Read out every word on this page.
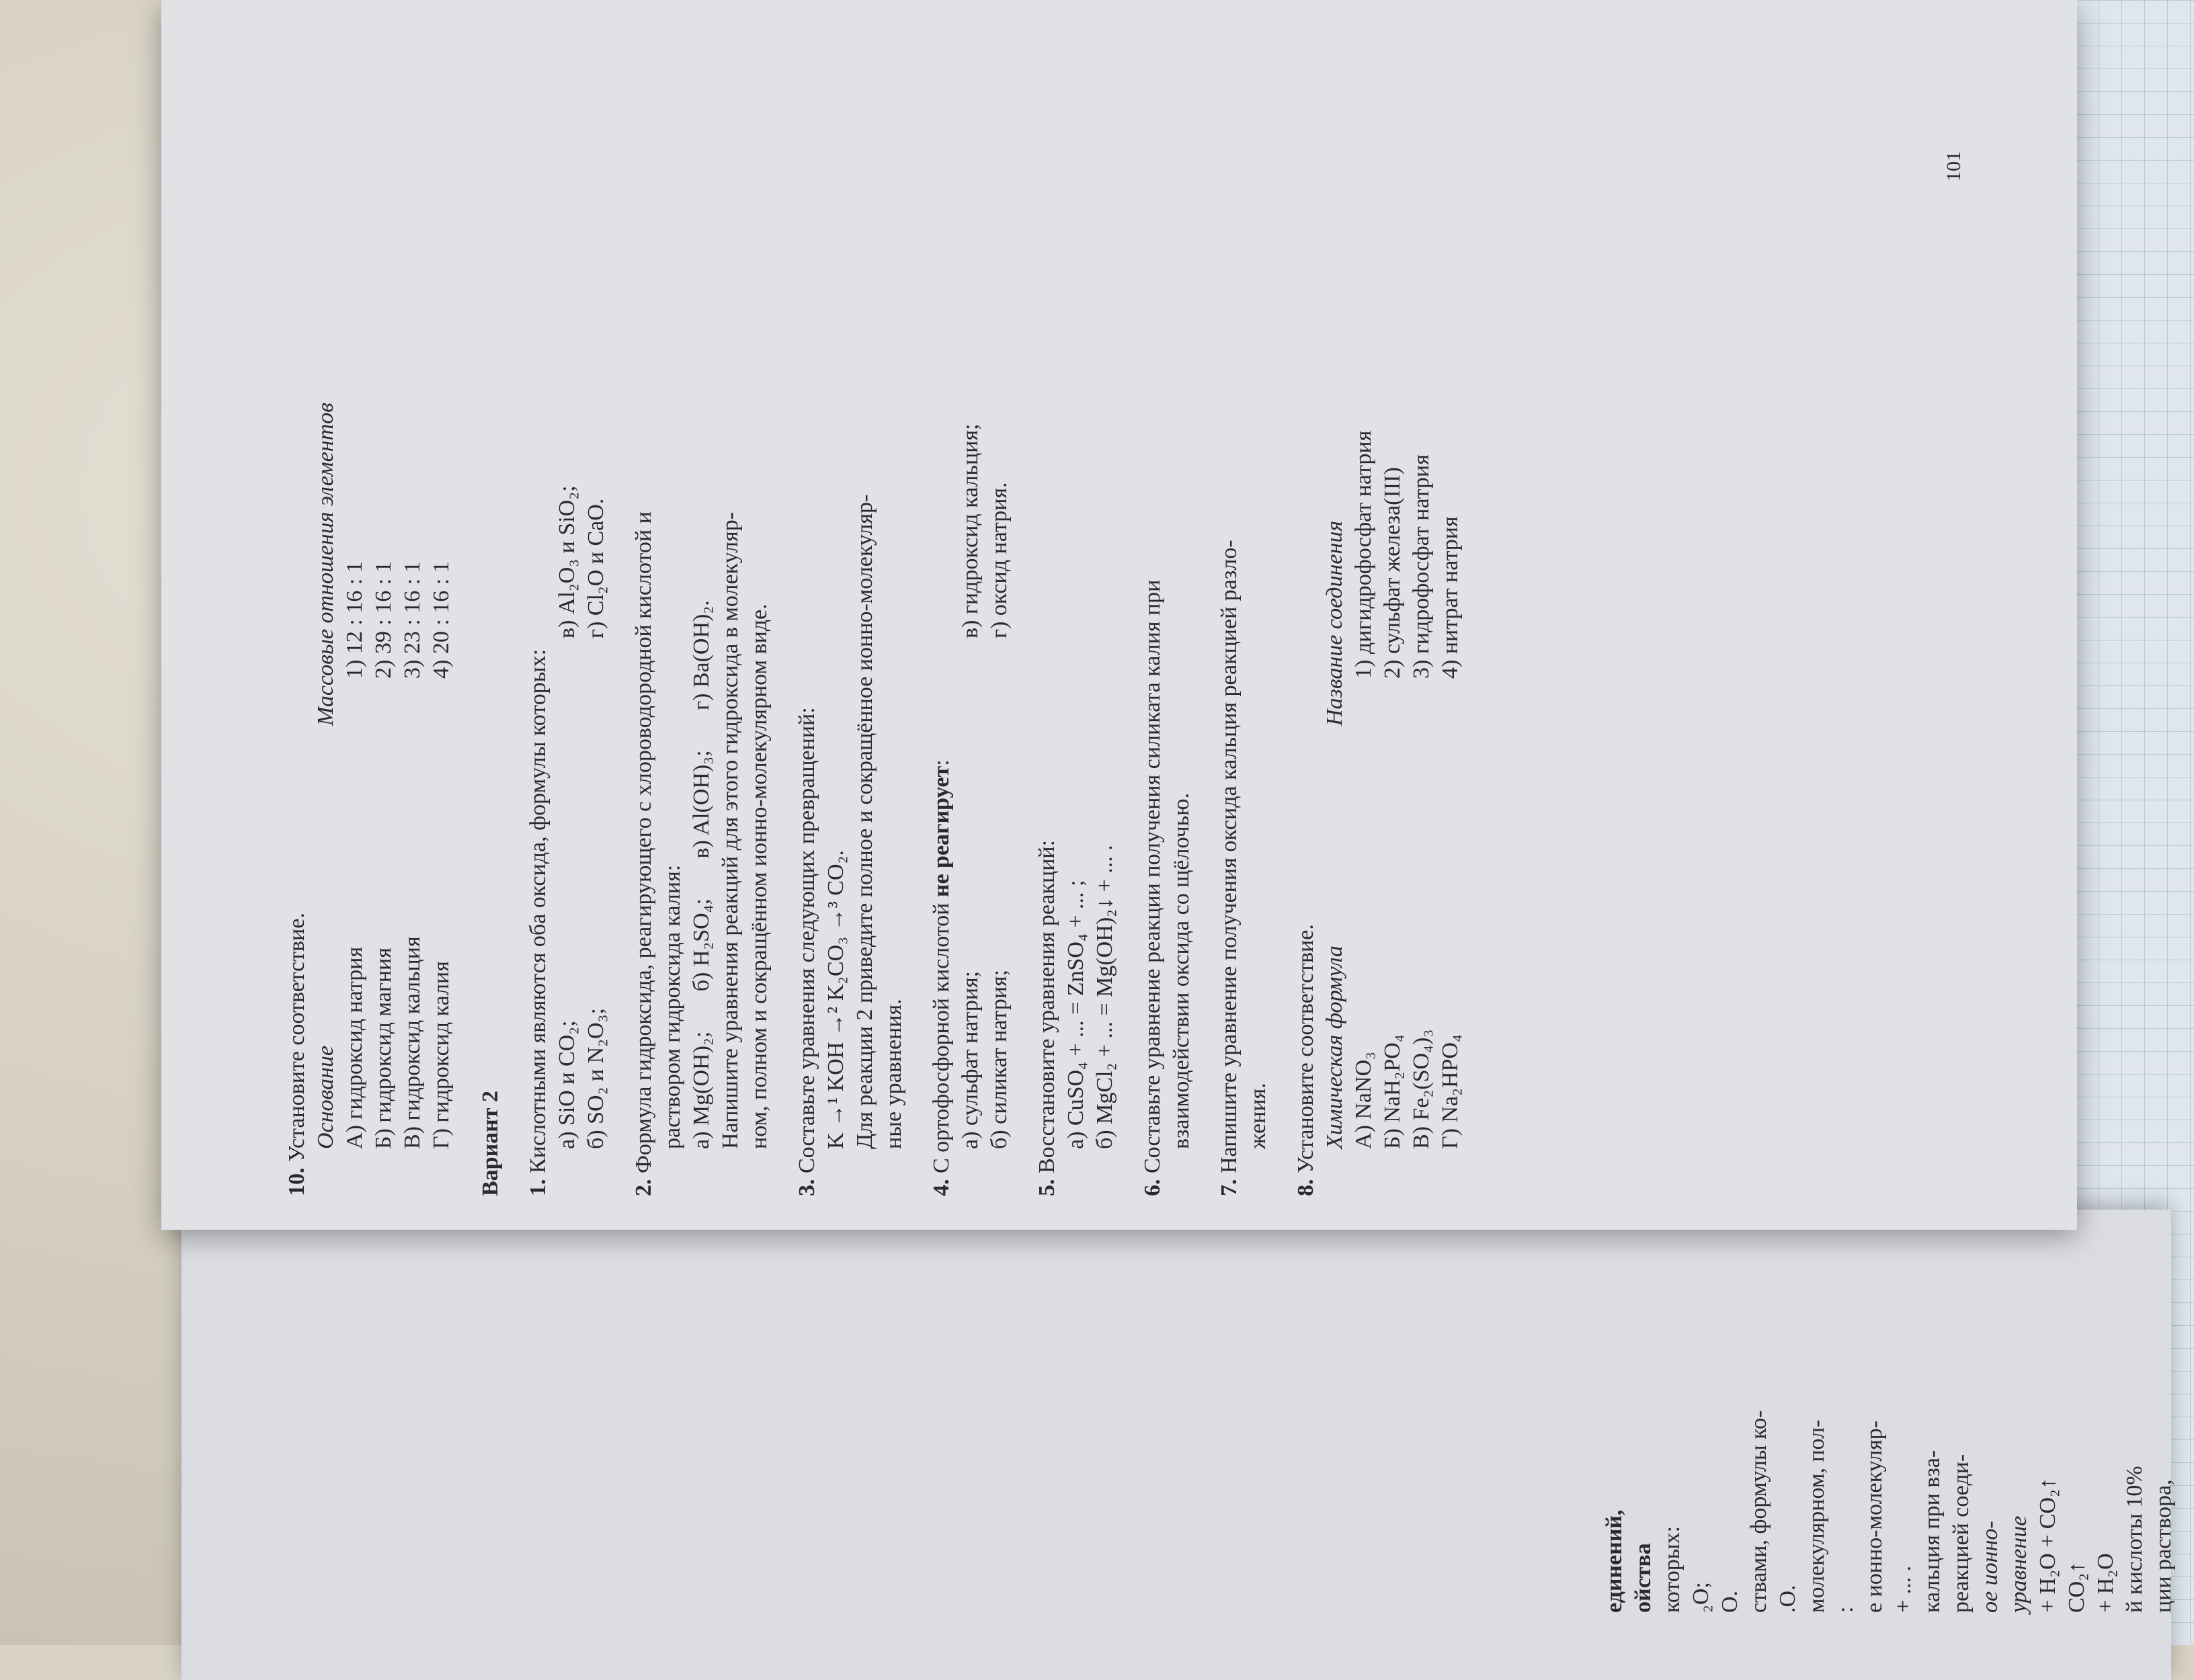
единений, ойства которых: ₂O; O. ствами, формулы ко- .O. молекулярном, пол- : е ионно-молекуляр- + ... . кальция при вза- реакцией соеди- ое ионно- уравнение + H₂O + CO₂↑ CO₂↑ + H₂O й кислоты 10% ции раствора,

10. Установите соответствие. Основание А) гидроксид натрия Б) гидроксид магния В) гидроксид кальция Г) гидроксид калия

Массовые отношения элементов 1) 12 : 16 : 1 2) 39 : 16 : 1 3) 23 : 16 : 1 4) 20 : 16 : 1

Вариант 2 1. Кислотными являются оба оксида, формулы которых: а) SiO и CO₂; б) SO₂ и N₂O₃;

в) Al₂O₃ и SiO₂; г) Cl₂O и CaO.

2. Формула гидроксида, реагирующего с хлороводородной кислотой и раствором гидроксида калия: а) Mg(OH)₂;       б) H₂SO₄;       в) Al(OH)₃;       г) Ba(OH)₂. Напишите уравнения реакций для этого гидроксида в молекуляр- ном, полном и сокращённом ионно-молекулярном виде.

3. Составьте уравнения следующих превращений: K →¹ KOH →² K₂CO₃ →³ CO₂. Для реакции 2 приведите полное и сокращённое ионно-молекуляр- ные уравнения.

4. С ортофосфорной кислотой не реагирует:

а) сульфат натрия; б) силикат натрия;

в) гидроксид кальция; г) оксид натрия.

5. Восстановите уравнения реакций: а) CuSO₄ + ... = ZnSO₄ + ... ; б) MgCl₂ + ... = Mg(OH)₂↓ + ... .

6. Составьте уравнение реакции получения силиката калия при взаимодействии оксида со щёлочью.

7. Напишите уравнение получения оксида кальция реакцией разло- жения.

8. Установите соответствие. Химическая формула А) NaNO₃ Б) NaH₂PO₄ В) Fe₂(SO₄)₃ Г) Na₂HPO₄

Название соединения 1) дигидрофосфат натрия 2) сульфат железа(III) 3) гидрофосфат натрия 4) нитрат натрия

101
